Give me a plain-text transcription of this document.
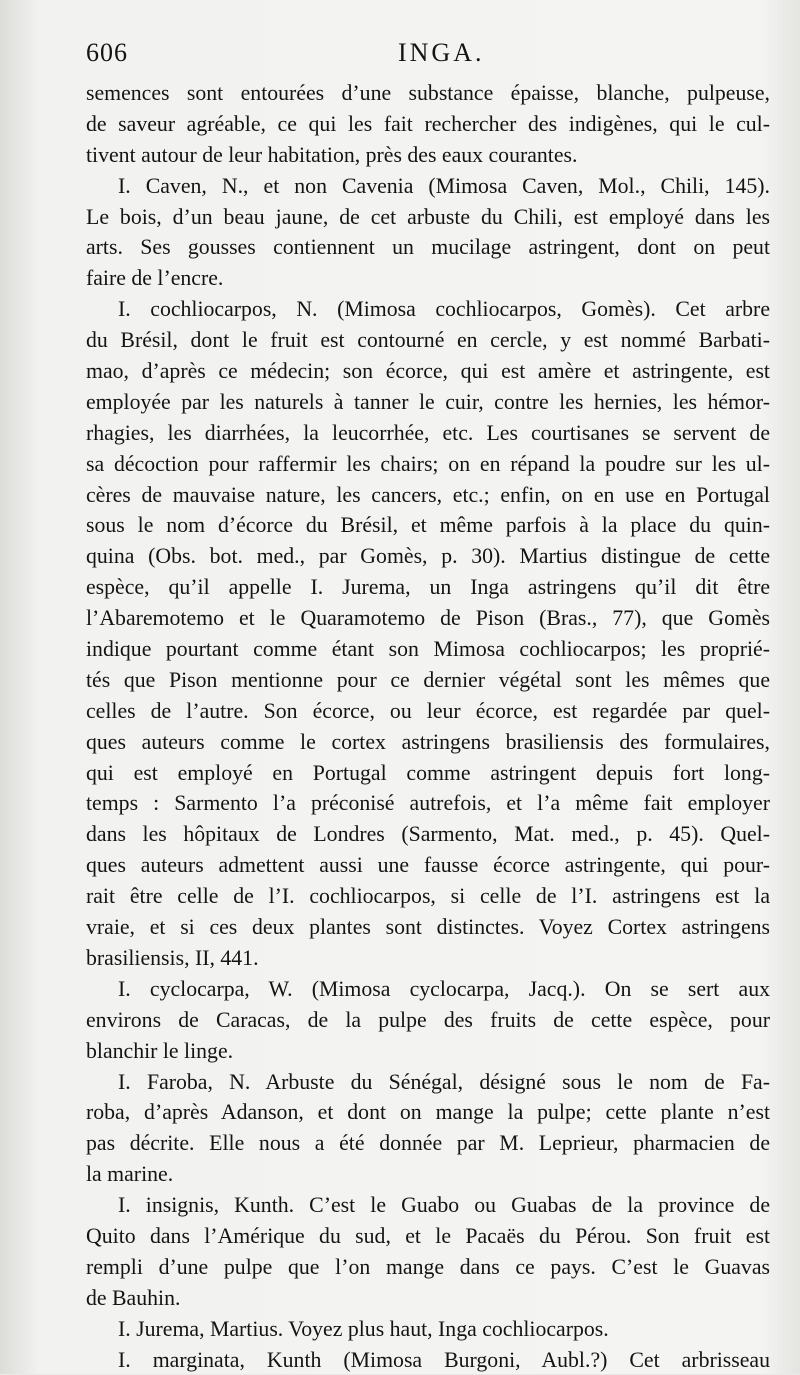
606	INGA.
semences sont entourées d’une substance épaisse, blanche, pulpeuse,
de saveur agréable, ce qui les fait rechercher des indigènes, qui le cul-
tivent autour de leur habitation, près des eaux courantes.
I. Caven, N., et non Cavenia (Mimosa Caven, Mol., Chili, 145).
Le bois, d’un beau jaune, de cet arbuste du Chili, est employé dans les
arts. Ses gousses contiennent un mucilage astringent, dont on peut
faire de l’encre.
I. cochliocarpos, N. (Mimosa cochliocarpos, Gomès). Cet arbre
du Brésil, dont le fruit est contourné en cercle, y est nommé Barbati-
mao, d’après ce médecin; son écorce, qui est amère et astringente, est
employée par les naturels à tanner le cuir, contre les hernies, les hémor-
rhagies, les diarrhées, la leucorrhée, etc. Les courtisanes se servent de
sa décoction pour raffermir les chairs; on en répand la poudre sur les ul-
cères de mauvaise nature, les cancers, etc.; enfin, on en use en Portugal
sous le nom d’écorce du Brésil, et même parfois à la place du quin-
quina (Obs. bot. med., par Gomès, p. 30). Martius distingue de cette
espèce, qu’il appelle I. Jurema, un Inga astringens qu’il dit être
l’Abaremotemo et le Quaramotemo de Pison (Bras., 77), que Gomès
indique pourtant comme étant son Mimosa cochliocarpos; les proprié-
tés que Pison mentionne pour ce dernier végétal sont les mêmes que
celles de l’autre. Son écorce, ou leur écorce, est regardée par quel-
ques auteurs comme le cortex astringens brasiliensis des formulaires,
qui est employé en Portugal comme astringent depuis fort long-
temps : Sarmento l’a préconisé autrefois, et l’a même fait employer
dans les hôpitaux de Londres (Sarmento, Mat. med., p. 45). Quel-
ques auteurs admettent aussi une fausse écorce astringente, qui pour-
rait être celle de l’I. cochliocarpos, si celle de l’I. astringens est la
vraie, et si ces deux plantes sont distinctes. Voyez Cortex astringens
brasiliensis, II, 441.
I. cyclocarpa, W. (Mimosa cyclocarpa, Jacq.). On se sert aux
environs de Caracas, de la pulpe des fruits de cette espèce, pour
blanchir le linge.
I. Faroba, N. Arbuste du Sénégal, désigné sous le nom de Fa-
roba, d’après Adanson, et dont on mange la pulpe; cette plante n’est
pas décrite. Elle nous a été donnée par M. Leprieur, pharmacien de
la marine.
I. insignis, Kunth. C’est le Guabo ou Guabas de la province de
Quito dans l’Amérique du sud, et le Pacaës du Pérou. Son fruit est
rempli d’une pulpe que l’on mange dans ce pays. C’est le Guavas
de Bauhin.
I. Jurema, Martius. Voyez plus haut, Inga cochliocarpos.
I. marginata, Kunth (Mimosa Burgoni, Aubl.?) Cet arbrisseau
